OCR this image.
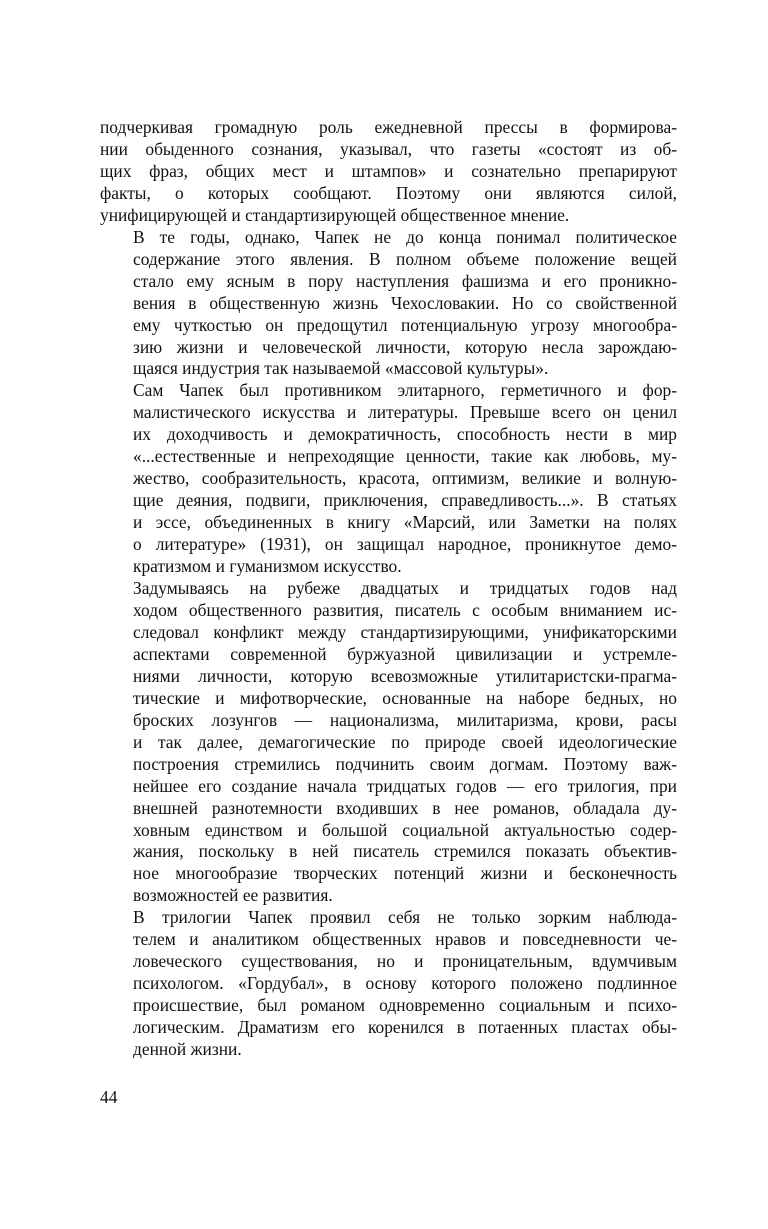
подчеркивая громадную роль ежедневной прессы в формирова-
нии обыденного сознания, указывал, что газеты «состоят из об-
щих фраз, общих мест и штампов» и сознательно препарируют
факты, о которых сообщают. Поэтому они являются силой,
унифицирующей и стандартизирующей общественное мнение.

В те годы, однако, Чапек не до конца понимал политическое
содержание этого явления. В полном объеме положение вещей
стало ему ясным в пору наступления фашизма и его проникно-
вения в общественную жизнь Чехословакии. Но со свойственной
ему чуткостью он предощутил потенциальную угрозу многообра-
зию жизни и человеческой личности, которую несла зарождаю-
щаяся индустрия так называемой «массовой культуры».

Сам Чапек был противником элитарного, герметичного и фор-
малистического искусства и литературы. Превыше всего он ценил
их доходчивость и демократичность, способность нести в мир
«...естественные и непреходящие ценности, такие как любовь, му-
жество, сообразительность, красота, оптимизм, великие и волную-
щие деяния, подвиги, приключения, справедливость...». В статьях
и эссе, объединенных в книгу «Марсий, или Заметки на полях
о литературе» (1931), он защищал народное, проникнутое демо-
кратизмом и гуманизмом искусство.

Задумываясь на рубеже двадцатых и тридцатых годов над
ходом общественного развития, писатель с особым вниманием ис-
следовал конфликт между стандартизирующими, унификаторскими
аспектами современной буржуазной цивилизации и устремле-
ниями личности, которую всевозможные утилитаристски-прагма-
тические и мифотворческие, основанные на наборе бедных, но
броских лозунгов — национализма, милитаризма, крови, расы
и так далее, демагогические по природе своей идеологические
построения стремились подчинить своим догмам. Поэтому важ-
нейшее его создание начала тридцатых годов — его трилогия, при
внешней разнотемности входивших в нее романов, обладала ду-
ховным единством и большой социальной актуальностью содер-
жания, поскольку в ней писатель стремился показать объектив-
ное многообразие творческих потенций жизни и бесконечность
возможностей ее развития.

В трилогии Чапек проявил себя не только зорким наблюда-
телем и аналитиком общественных нравов и повседневности че-
ловеческого существования, но и проницательным, вдумчивым
психологом. «Гордубал», в основу которого положено подлинное
происшествие, был романом одновременно социальным и психо-
логическим. Драматизм его коренился в потаенных пластах обы-
денной жизни.

44
